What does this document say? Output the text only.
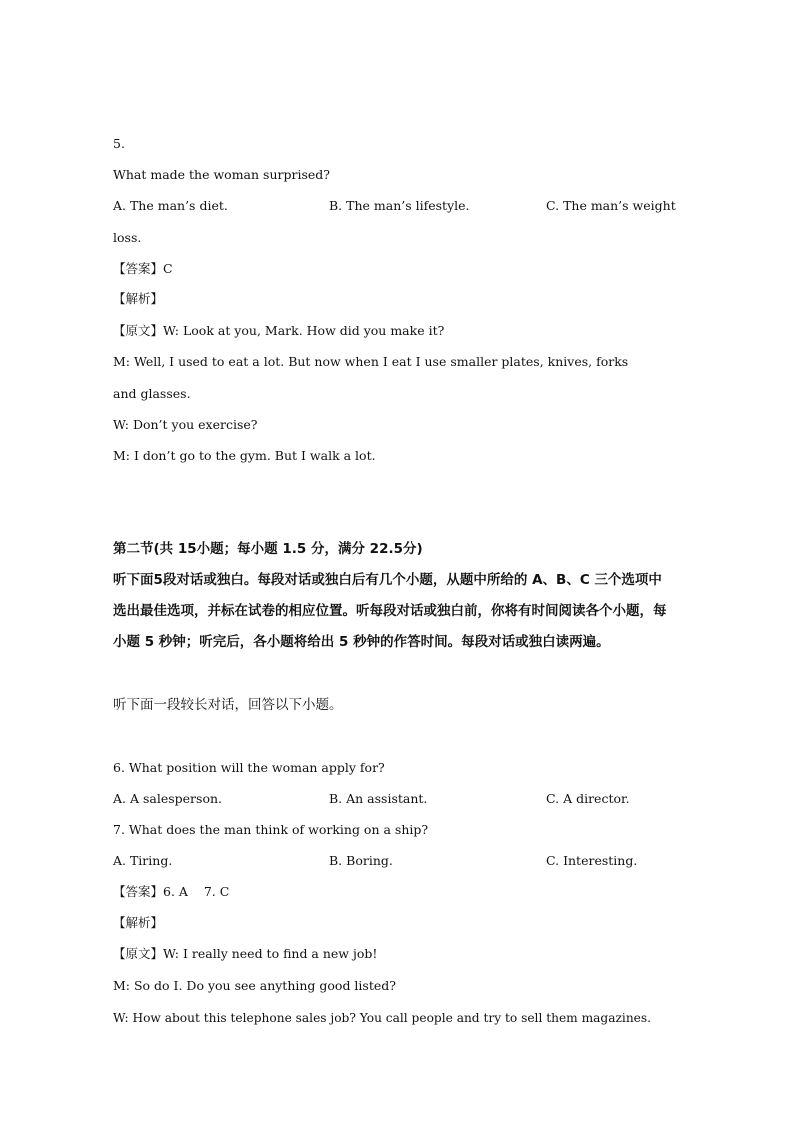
5.
What made the woman surprised?
A. The man’s diet.	B. The man’s lifestyle.	C. The man’s weight
loss.
【答案】C
【解析】
【原文】W: Look at you, Mark. How did you make it?
M: Well, I used to eat a lot. But now when I eat I use smaller plates, knives, forks
and glasses.
W: Don’t you exercise?
M: I don’t go to the gym. But I walk a lot.
第二节(共 15小题；每小题 1.5 分，满分 22.5分)
听下面5段对话或独白。每段对话或独白后有几个小题，从题中所给的 A、B、C 三个选项中
选出最佳选项，并标在试卷的相应位置。听每段对话或独白前，你将有时间阅读各个小题，每
小题 5 秒钟；听完后，各小题将给出 5 秒钟的作答时间。每段对话或独白读两遍。
听下面一段较长对话，回答以下小题。
6. What position will the woman apply for?
A. A salesperson.	B. An assistant.	C. A director.
7. What does the man think of working on a ship?
A. Tiring.	B. Boring.	C. Interesting.
【答案】6. A    7. C
【解析】
【原文】W: I really need to find a new job!
M: So do I. Do you see anything good listed?
W: How about this telephone sales job? You call people and try to sell them magazines.
